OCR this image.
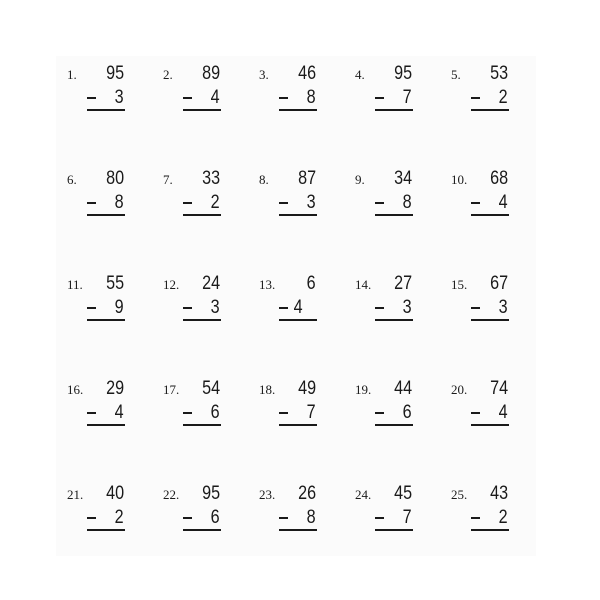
1. 95
3
2. 89
4
3. 46
8
4. 95
7
5. 53
2
6. 80
8
7. 33
2
8. 87
3
9. 34
8
10. 68
4
11. 55
9
12. 24
3
13. 6
4
14. 27
3
15. 67
3
16. 29
4
17. 54
6
18. 49
7
19. 44
6
20. 74
4
21. 40
2
22. 95
6
23. 26
8
24. 45
7
25. 43
2
